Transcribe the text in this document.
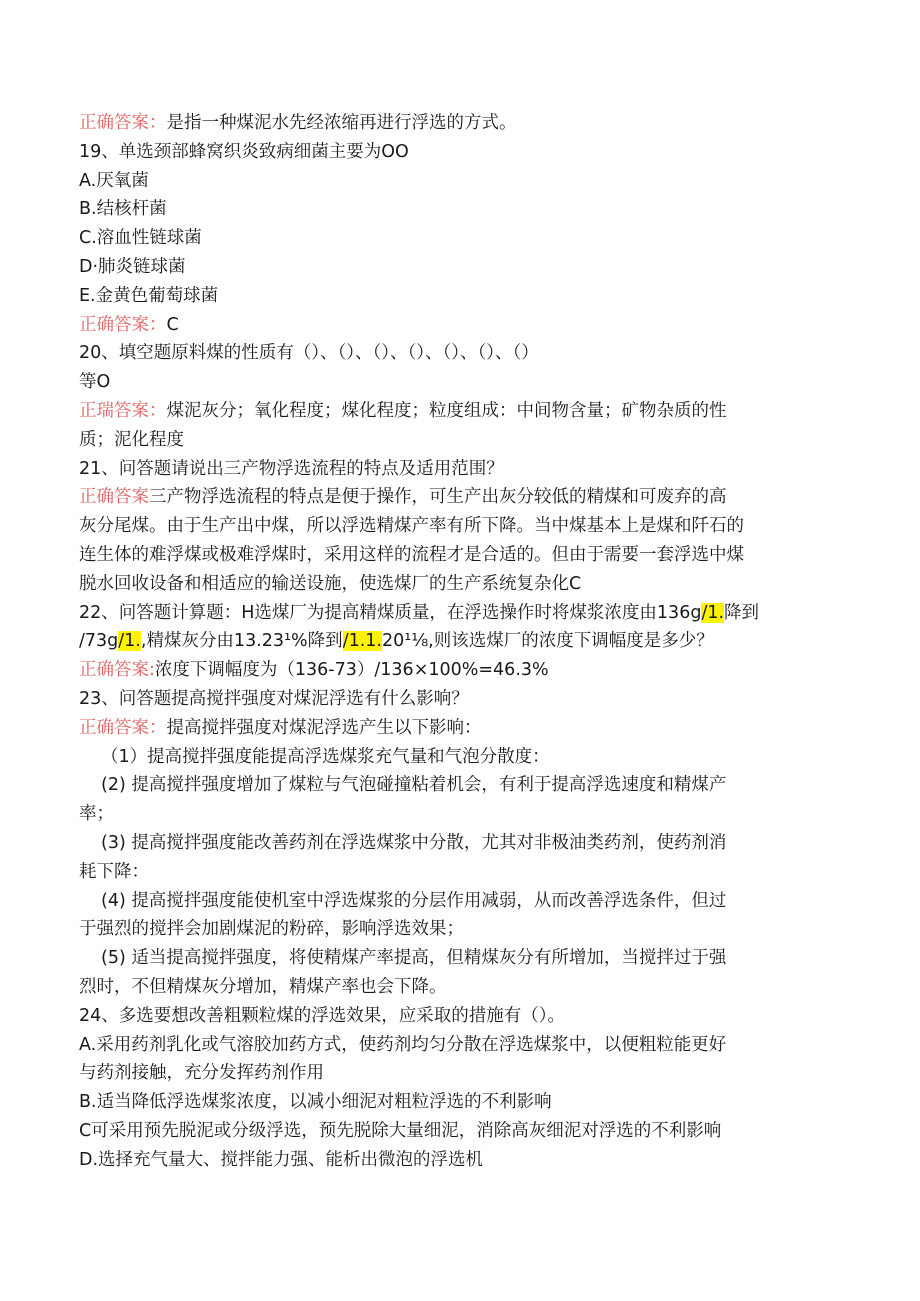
正确答案：是指一种煤泥水先经浓缩再进行浮选的方式。
19、单选颈部蜂窝织炎致病细菌主要为OO
A.厌氧菌
B.结核杆菌
C.溶血性链球菌
D·肺炎链球菌
E.金黄色葡萄球菌
正确答案：C
20、填空题原料煤的性质有（）、（）、（）、（）、（）、（）、（）
等O
正瑞答案：煤泥灰分；氧化程度；煤化程度；粒度组成：中间物含量；矿物杂质的性
质；泥化程度
21、问答题请说出三产物浮选流程的特点及适用范围？
正确答案三产物浮选流程的特点是便于操作，可生产出灰分较低的精煤和可废弃的高
灰分尾煤。由于生产出中煤，所以浮选精煤产率有所下降。当中煤基本上是煤和阡石的
连生体的难浮煤或极难浮煤时，采用这样的流程才是合适的。但由于需要一套浮选中煤
脱水回收设备和相适应的输送设施，使选煤厂的生产系统复杂化C
22、问答题计算题：H选煤厂为提高精煤质量，在浮选操作时将煤浆浓度由136g/1.降到
/73g/1.,精煤灰分由13.23¹%降到/1.1.20¹⅛,则该选煤厂的浓度下调幅度是多少？
正确答案:浓度下调幅度为（136-73）/136×100%=46.3%
23、问答题提高搅拌强度对煤泥浮选有什么影响？
正确答案：提高搅拌强度对煤泥浮选产生以下影响：
（1）提高搅拌强度能提高浮选煤浆充气量和气泡分散度：
(2) 提高搅拌强度增加了煤粒与气泡碰撞粘着机会，有利于提高浮选速度和精煤产
率；
(3) 提高搅拌强度能改善药剂在浮选煤浆中分散，尤其对非极油类药剂，使药剂消
耗下降：
(4) 提高搅拌强度能使机室中浮选煤浆的分层作用减弱，从而改善浮选条件，但过
于强烈的搅拌会加剧煤泥的粉碎，影响浮选效果；
(5) 适当提高搅拌强度，将使精煤产率提高，但精煤灰分有所增加，当搅拌过于强
烈时，不但精煤灰分增加，精煤产率也会下降。
24、多选要想改善粗颗粒煤的浮选效果，应采取的措施有（）。
A.采用药剂乳化或气溶胶加药方式，使药剂均匀分散在浮选煤浆中，以便粗粒能更好
与药剂接触，充分发挥药剂作用
B.适当降低浮选煤浆浓度，以减小细泥对粗粒浮选的不利影响
C可采用预先脱泥或分级浮选，预先脱除大量细泥，消除高灰细泥对浮选的不利影响
D.选择充气量大、搅拌能力强、能析出微泡的浮选机
